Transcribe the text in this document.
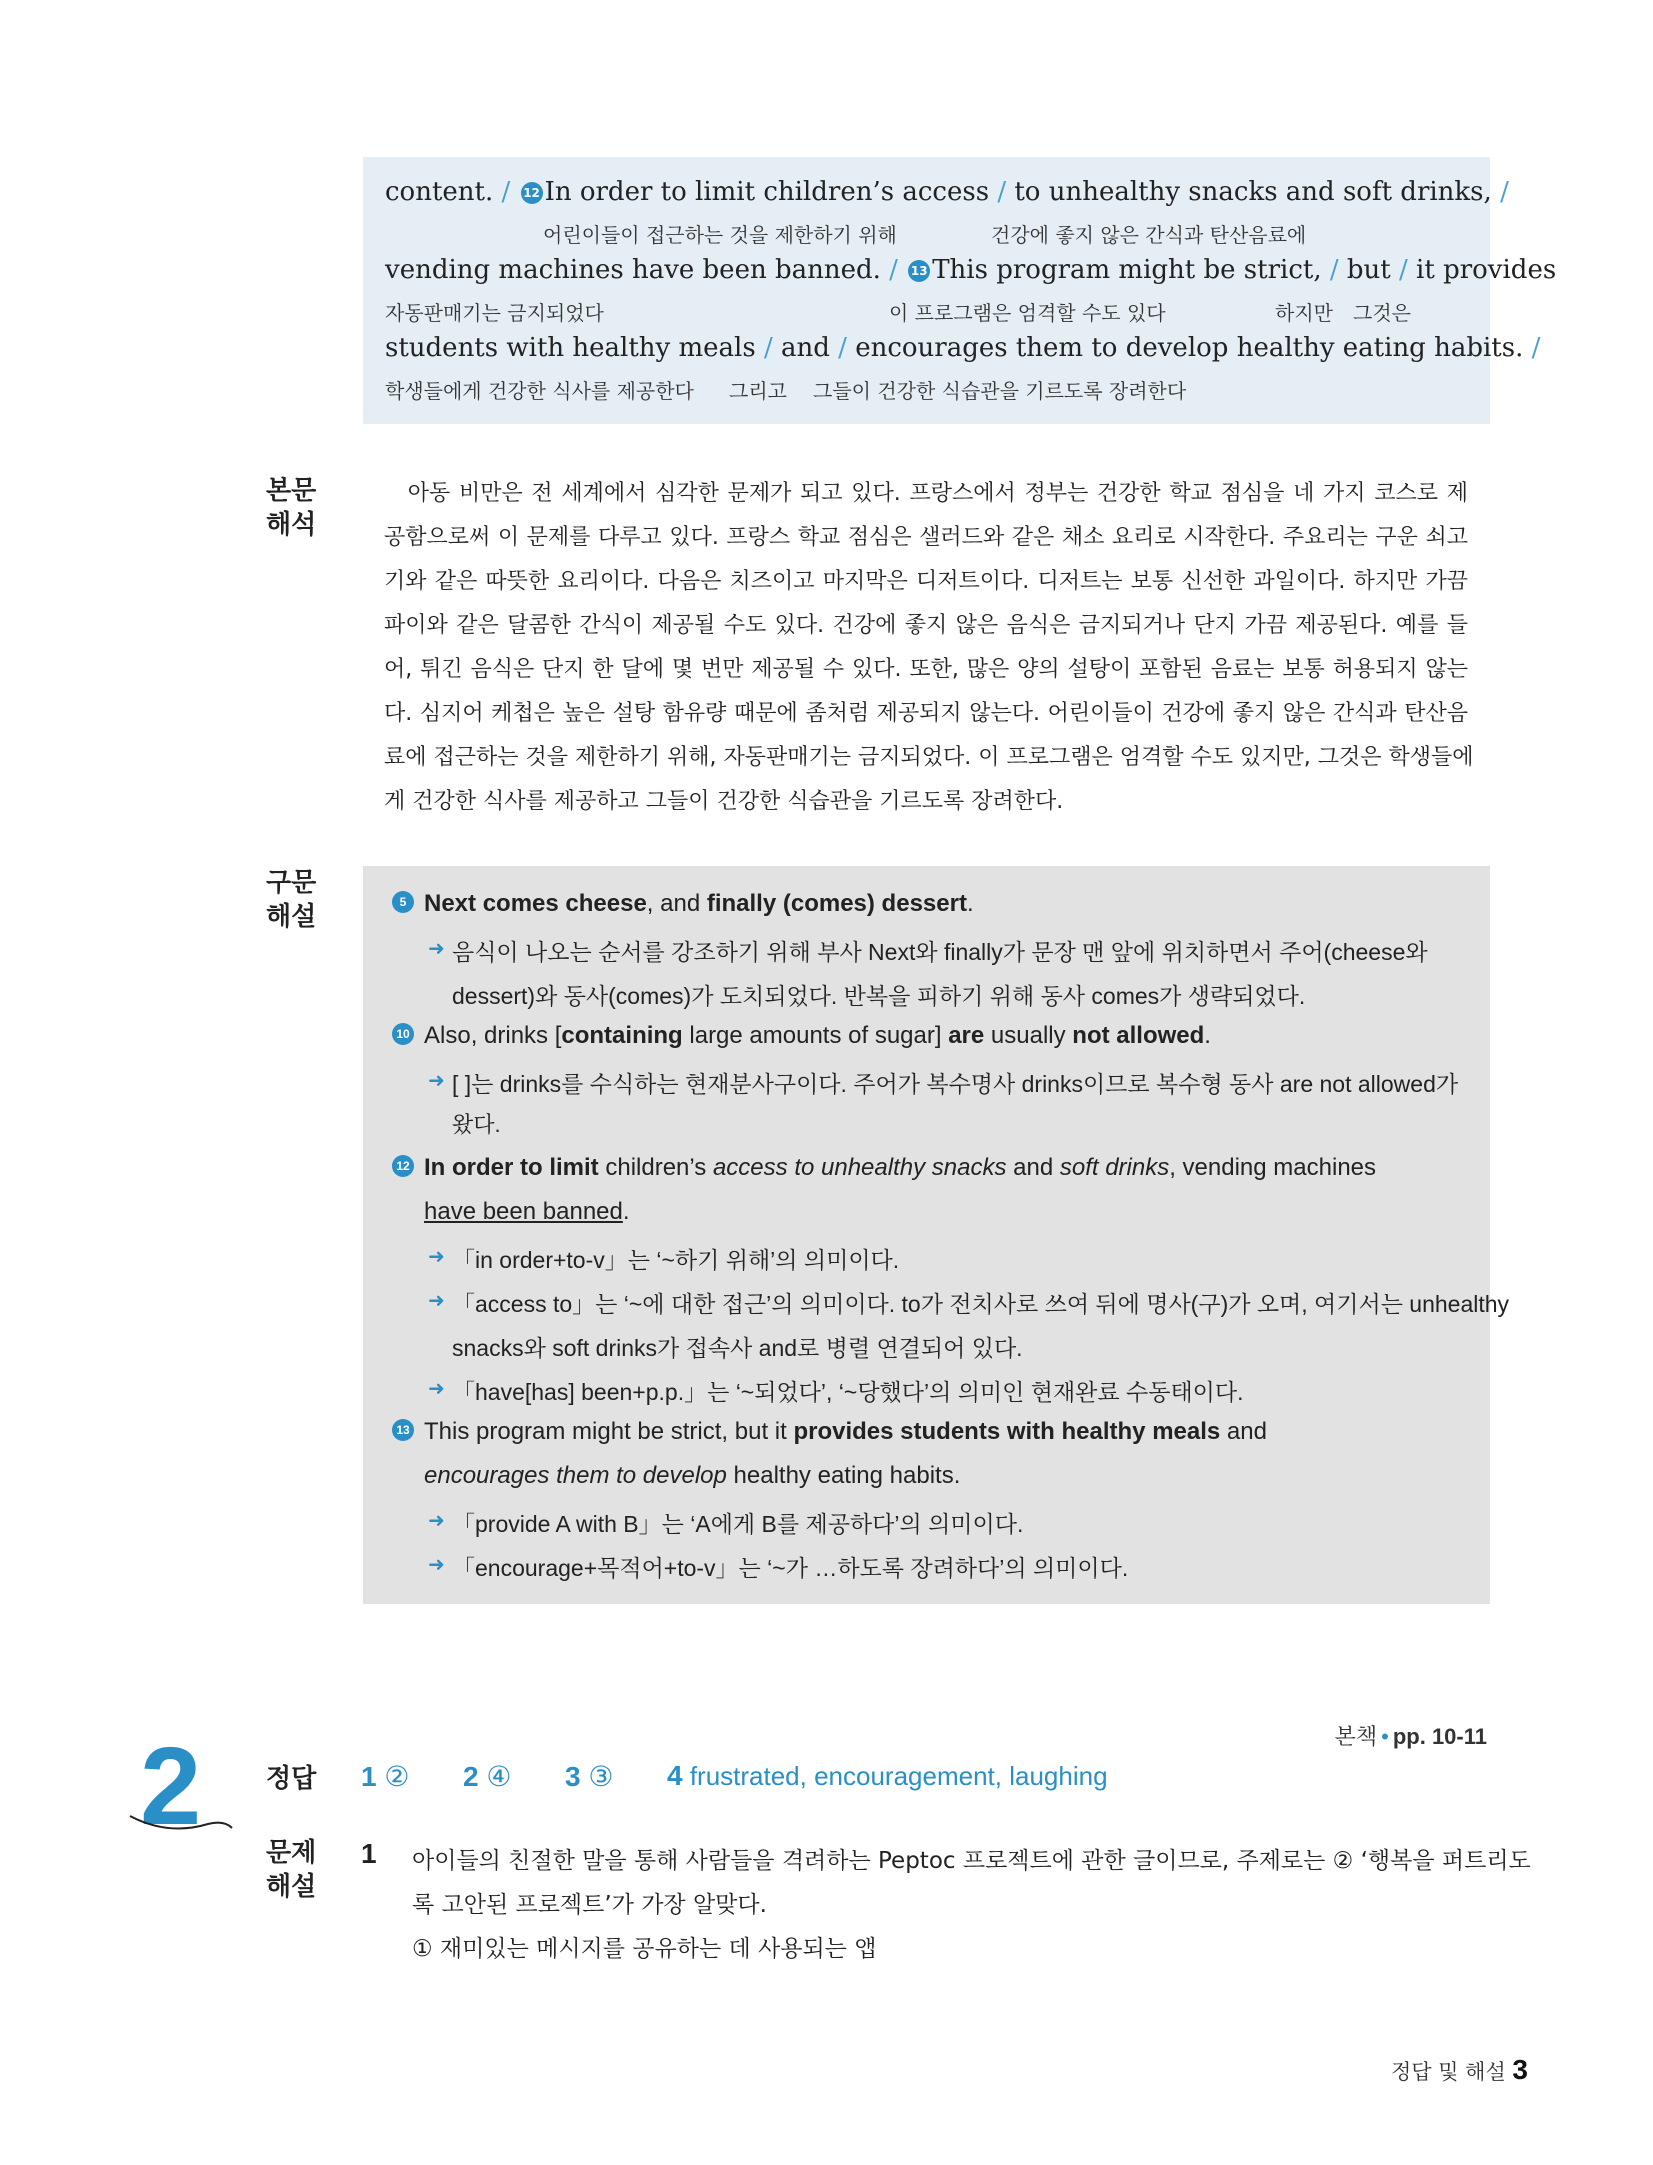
content. / 12 In order to limit children’s access / to unhealthy snacks and soft drinks, /
어린이들이 접근하는 것을 제한하기 위해	건강에 좋지 않은 간식과 탄산음료에
vending machines have been banned. / 13 This program might be strict, / but / it provides
자동판매기는 금지되었다	이 프로그램은 엄격할 수도 있다	하지만 그것은
students with healthy meals / and / encourages them to develop healthy eating habits. /
학생들에게 건강한 식사를 제공한다 그리고 그들이 건강한 식습관을 기르도록 장려한다
본문
해석
　아동 비만은 전 세계에서 심각한 문제가 되고 있다. 프랑스에서 정부는 건강한 학교 점심을 네 가지 코스로 제
공함으로써 이 문제를 다루고 있다. 프랑스 학교 점심은 샐러드와 같은 채소 요리로 시작한다. 주요리는 구운 쇠고
기와 같은 따뜻한 요리이다. 다음은 치즈이고 마지막은 디저트이다. 디저트는 보통 신선한 과일이다. 하지만 가끔
파이와 같은 달콤한 간식이 제공될 수도 있다. 건강에 좋지 않은 음식은 금지되거나 단지 가끔 제공된다. 예를 들
어, 튀긴 음식은 단지 한 달에 몇 번만 제공될 수 있다. 또한, 많은 양의 설탕이 포함된 음료는 보통 허용되지 않는
다. 심지어 케첩은 높은 설탕 함유량 때문에 좀처럼 제공되지 않는다. 어린이들이 건강에 좋지 않은 간식과 탄산음
료에 접근하는 것을 제한하기 위해, 자동판매기는 금지되었다. 이 프로그램은 엄격할 수도 있지만, 그것은 학생들에
게 건강한 식사를 제공하고 그들이 건강한 식습관을 기르도록 장려한다.
구문
해설	5 Next comes cheese, and finally (comes) dessert.
➜ 음식이 나오는 순서를 강조하기 위해 부사 Next와 finally가 문장 맨 앞에 위치하면서 주어(cheese와
dessert)와 동사(comes)가 도치되었다. 반복을 피하기 위해 동사 comes가 생략되었다.
10 Also, drinks [containing large amounts of sugar] are usually not allowed.
➜ [ ]는 drinks를 수식하는 현재분사구이다. 주어가 복수명사 drinks이므로 복수형 동사 are not allowed가
왔다.
12 In order to limit children’s access to unhealthy snacks and soft drinks, vending machines
have been banned.
➜ 「in order+to-v」는 ‘~하기 위해’의 의미이다.
➜ 「access to」는 ‘~에 대한 접근’의 의미이다. to가 전치사로 쓰여 뒤에 명사(구)가 오며, 여기서는 unhealthy
snacks와 soft drinks가 접속사 and로 병렬 연결되어 있다.
➜ 「have[has] been+p.p.」는 ‘~되었다’, ‘~당했다’의 의미인 현재완료 수동태이다.
13 This program might be strict, but it provides students with healthy meals and
encourages them to develop healthy eating habits.
➜ 「provide A with B」는 ‘A에게 B를 제공하다’의 의미이다.
➜ 「encourage+목적어+to-v」는 ‘~가 …하도록 장려하다’의 의미이다.
2	본책 • pp. 10-11
정답	1 ② 2 ④ 3 ③ 4 frustrated, encouragement, laughing
문제
해설
1 아이들의 친절한 말을 통해 사람들을 격려하는 Peptoc 프로젝트에 관한 글이므로, 주제로는 ② ‘행복을 퍼트리도
록 고안된 프로젝트’가 가장 알맞다.
① 재미있는 메시지를 공유하는 데 사용되는 앱
정답 및 해설 3
